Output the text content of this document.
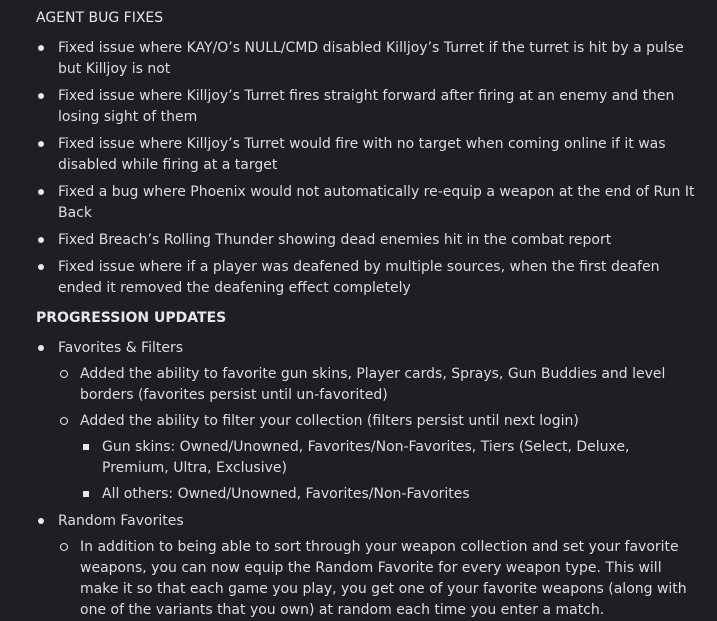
AGENT BUG FIXES
Fixed issue where KAY/O’s NULL/CMD disabled Killjoy’s Turret if the turret is hit by a pulse but Killjoy is not
Fixed issue where Killjoy’s Turret fires straight forward after firing at an enemy and then losing sight of them
Fixed issue where Killjoy’s Turret would fire with no target when coming online if it was disabled while firing at a target
Fixed a bug where Phoenix would not automatically re-equip a weapon at the end of Run It Back
Fixed Breach’s Rolling Thunder showing dead enemies hit in the combat report
Fixed issue where if a player was deafened by multiple sources, when the first deafen ended it removed the deafening effect completely
PROGRESSION UPDATES
Favorites & Filters
Added the ability to favorite gun skins, Player cards, Sprays, Gun Buddies and level borders (favorites persist until un-favorited)
Added the ability to filter your collection (filters persist until next login)
Gun skins: Owned/Unowned, Favorites/Non-Favorites, Tiers (Select, Deluxe, Premium, Ultra, Exclusive)
All others: Owned/Unowned, Favorites/Non-Favorites
Random Favorites
In addition to being able to sort through your weapon collection and set your favorite weapons, you can now equip the Random Favorite for every weapon type. This will make it so that each game you play, you get one of your favorite weapons (along with one of the variants that you own) at random each time you enter a match.
